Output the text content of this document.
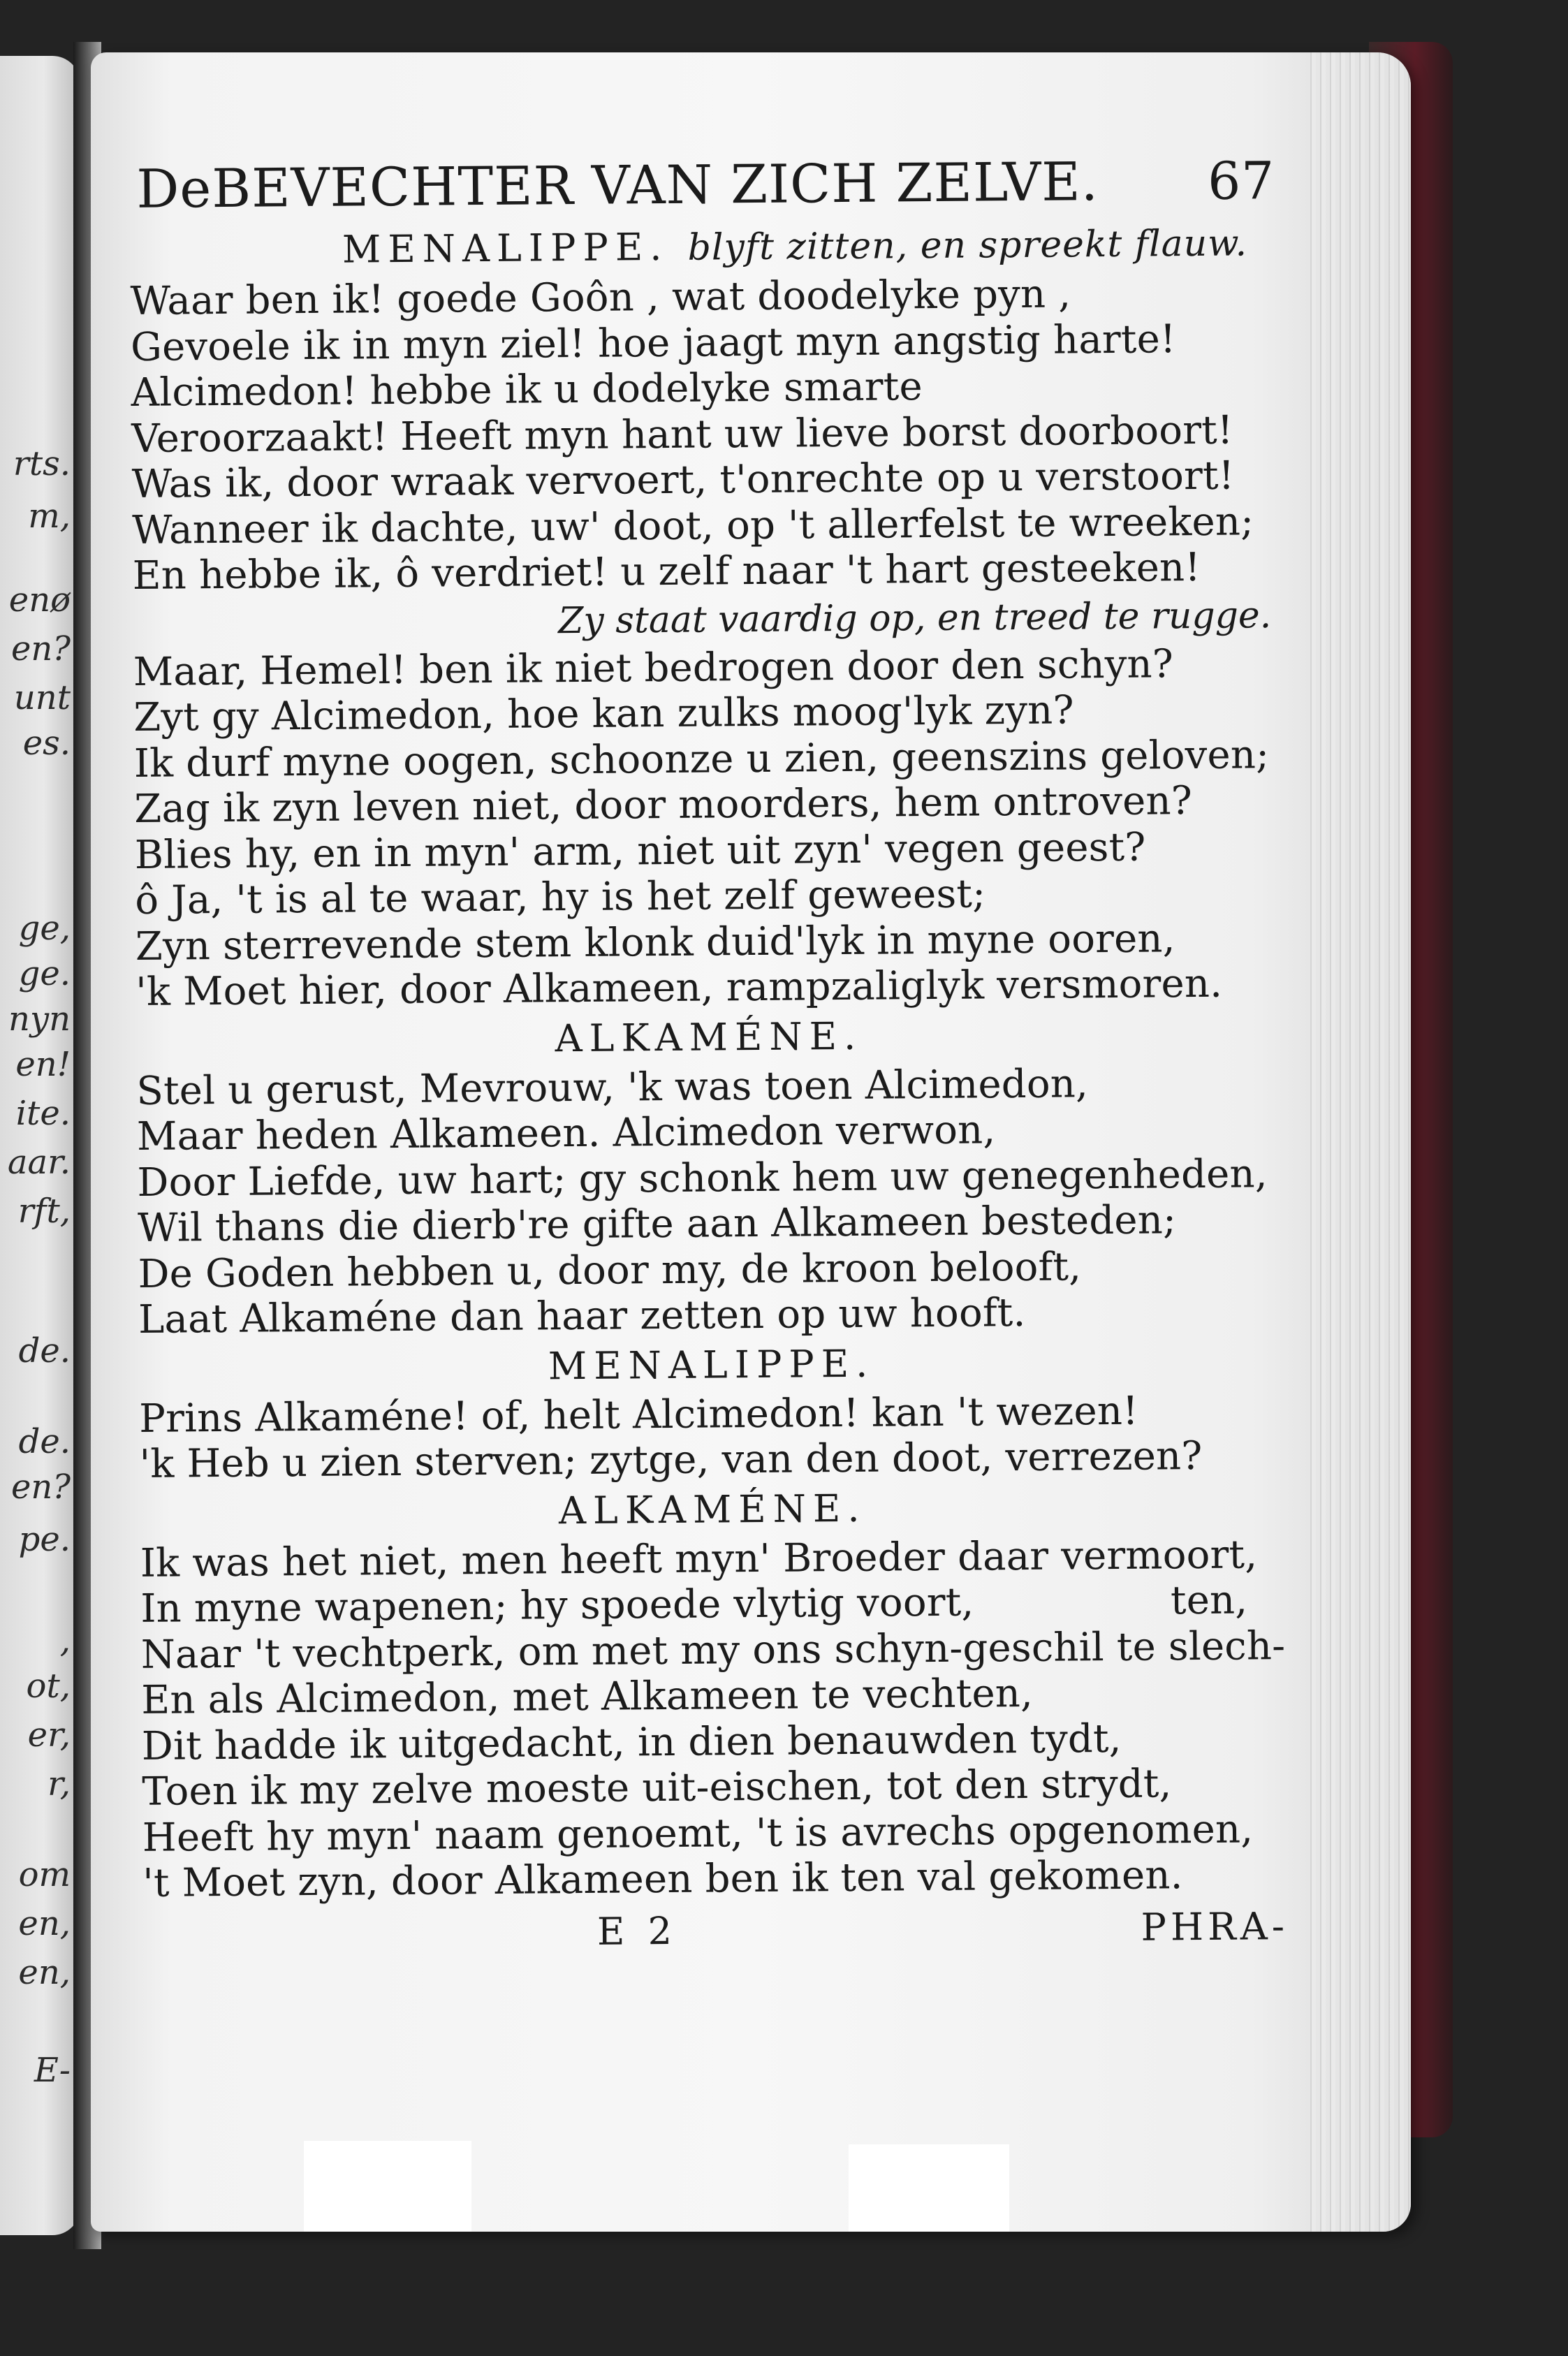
rts.

m,

enø

en?

unt

es.

ge,

ge.

nyn

en!

ite.

aar.

rft,

de.

de.

en?

pe.

,

ot,

er,

r,

om

en,

en,

E-

DeBEVECHTER VAN ZICH ZELVE. 67

MENALIPPE. blyft zitten, en spreekt flauw.

Waar ben ik! goede Goôn , wat doodelyke pyn ,

Gevoele ik in myn ziel! hoe jaagt myn angstig harte!

Alcimedon! hebbe ik u dodelyke smarte

Veroorzaakt! Heeft myn hant uw lieve borst doorboort!

Was ik, door wraak vervoert, t'onrechte op u verstoort!

Wanneer ik dachte, uw' doot, op 't allerfelst te wreeken;

En hebbe ik, ô verdriet! u zelf naar 't hart gesteeken!

Zy staat vaardig op, en treed te rugge.

Maar, Hemel! ben ik niet bedrogen door den schyn?

Zyt gy Alcimedon, hoe kan zulks moog'lyk zyn?

Ik durf myne oogen, schoonze u zien, geenszins geloven;

Zag ik zyn leven niet, door moorders, hem ontroven?

Blies hy, en in myn' arm, niet uit zyn' vegen geest?

ô Ja, 't is al te waar, hy is het zelf geweest;

Zyn sterrevende stem klonk duid'lyk in myne ooren,

'k Moet hier, door Alkameen, rampzaliglyk versmoren.

ALKAMÉNE.

Stel u gerust, Mevrouw, 'k was toen Alcimedon,

Maar heden Alkameen. Alcimedon verwon,

Door Liefde, uw hart; gy schonk hem uw genegenheden,

Wil thans die dierb're gifte aan Alkameen besteden;

De Goden hebben u, door my, de kroon belooft,

Laat Alkaméne dan haar zetten op uw hooft.

MENALIPPE.

Prins Alkaméne! of, helt Alcimedon! kan 't wezen!

'k Heb u zien sterven; zytge, van den doot, verrezen?

ALKAMÉNE.

Ik was het niet, men heeft myn' Broeder daar vermoort,

In myne wapenen; hy spoede vlytig voort,	ten,

Naar 't vechtperk, om met my ons schyn-geschil te slech-

En als Alcimedon, met Alkameen te vechten,

Dit hadde ik uitgedacht, in dien benauwden tydt,

Toen ik my zelve moeste uit-eischen, tot den strydt,

Heeft hy myn' naam genoemt, 't is avrechs opgenomen,

't Moet zyn, door Alkameen ben ik ten val gekomen.

E 2	PHRA-
